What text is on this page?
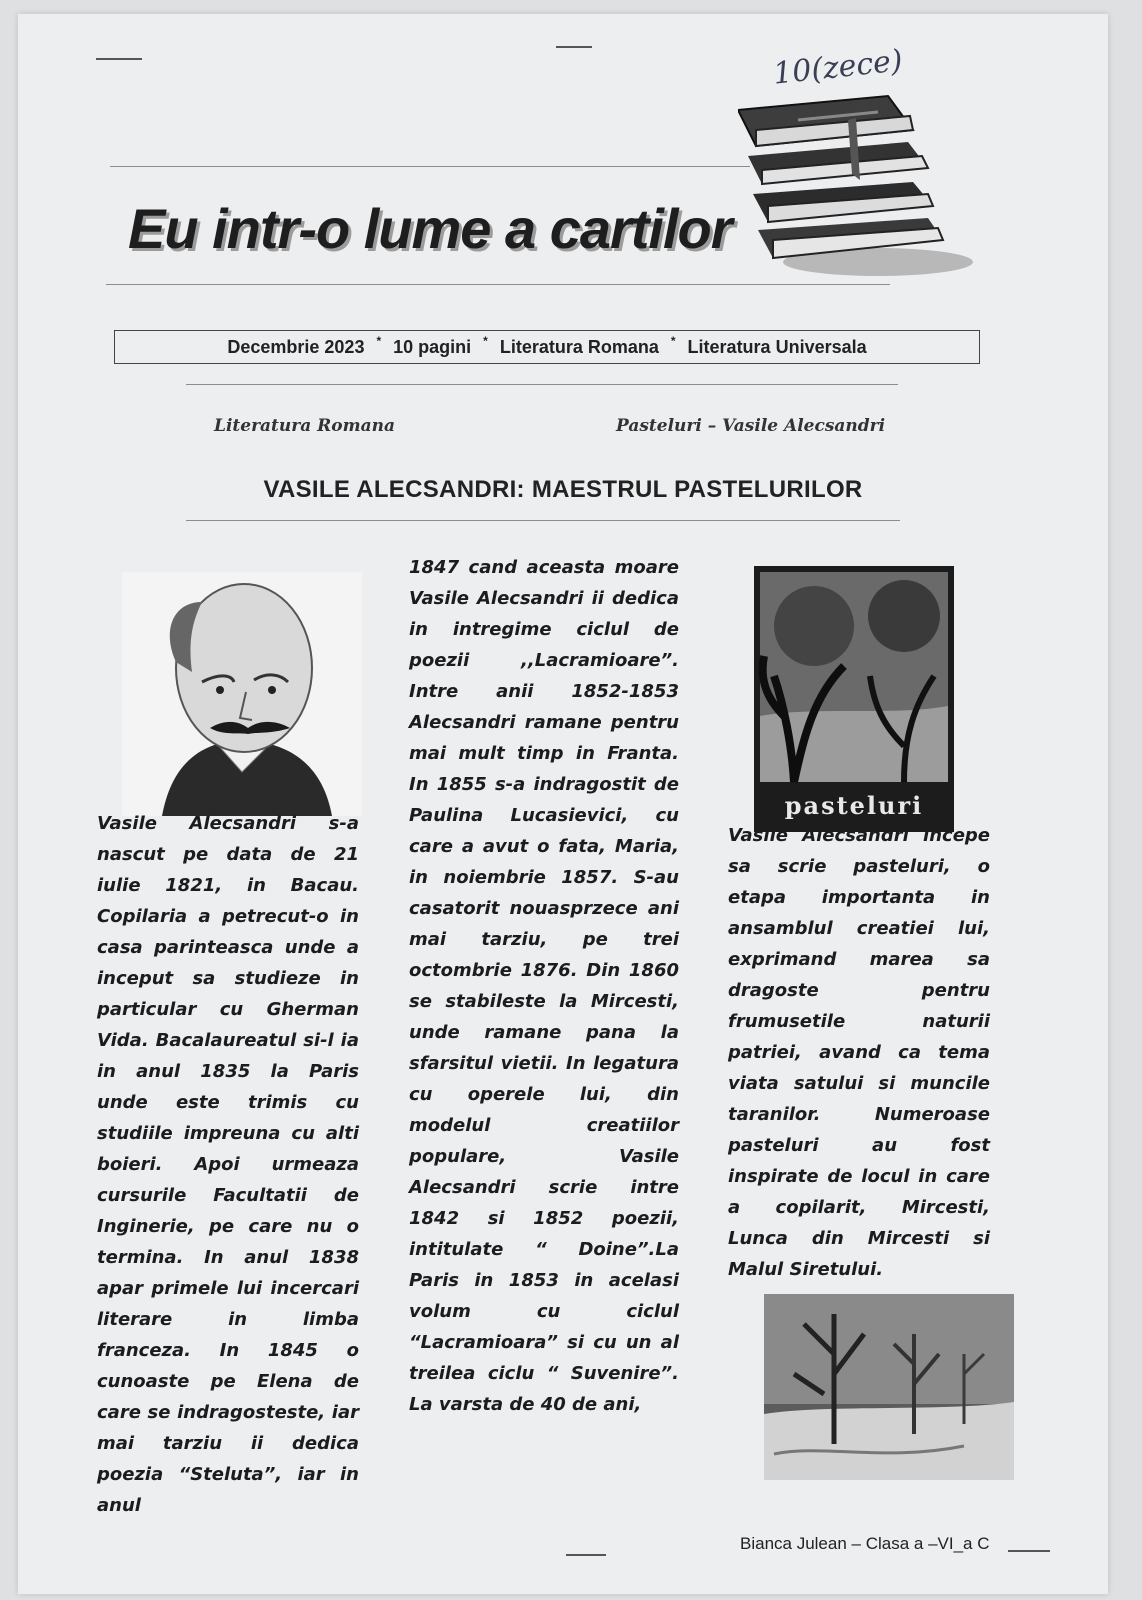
10(zece)
Eu intr-o lume a cartilor
Decembrie 2023 * 10 pagini * Literatura Romana * Literatura Universala
Literatura Romana	Pasteluri – Vasile Alecsandri
VASILE ALECSANDRI: MAESTRUL PASTELURILOR
Vasile Alecsandri s-a nascut pe data de 21 iulie 1821, in Bacau. Copilaria a petrecut-o in casa parinteasca unde a inceput sa studieze in particular cu Gherman Vida. Bacalaureatul si-l ia in anul 1835 la Paris unde este trimis cu studiile impreuna cu alti boieri. Apoi urmeaza cursurile Facultatii de Inginerie, pe care nu o termina. In anul 1838 apar primele lui incercari literare in limba franceza. In 1845 o cunoaste pe Elena de care se indragosteste, iar mai tarziu ii dedica poezia “Steluta”, iar in anul
1847 cand aceasta moare Vasile Alecsandri ii dedica in intregime ciclul de poezii ,,Lacramioare”. Intre anii 1852-1853 Alecsandri ramane pentru mai mult timp in Franta. In 1855 s-a indragostit de Paulina Lucasievici, cu care a avut o fata, Maria, in noiembrie 1857. S-au casatorit nouasprzece ani mai tarziu, pe trei octombrie 1876. Din 1860 se stabileste la Mircesti, unde ramane pana la sfarsitul vietii. In legatura cu operele lui, din modelul creatiilor populare, Vasile Alecsandri scrie intre 1842 si 1852 poezii, intitulate “ Doine”.La Paris in 1853 in acelasi volum cu ciclul “Lacramioara” si cu un al treilea ciclu “ Suvenire”. La varsta de 40 de ani,
pasteluri
Vasile Alecsandri incepe sa scrie pasteluri, o etapa importanta in ansamblul creatiei lui, exprimand marea sa dragoste pentru frumusetile naturii patriei, avand ca tema viata satului si muncile taranilor. Numeroase pasteluri au fost inspirate de locul in care a copilarit, Mircesti, Lunca din Mircesti si Malul Siretului.
Bianca Julean – Clasa a –VI_a C
